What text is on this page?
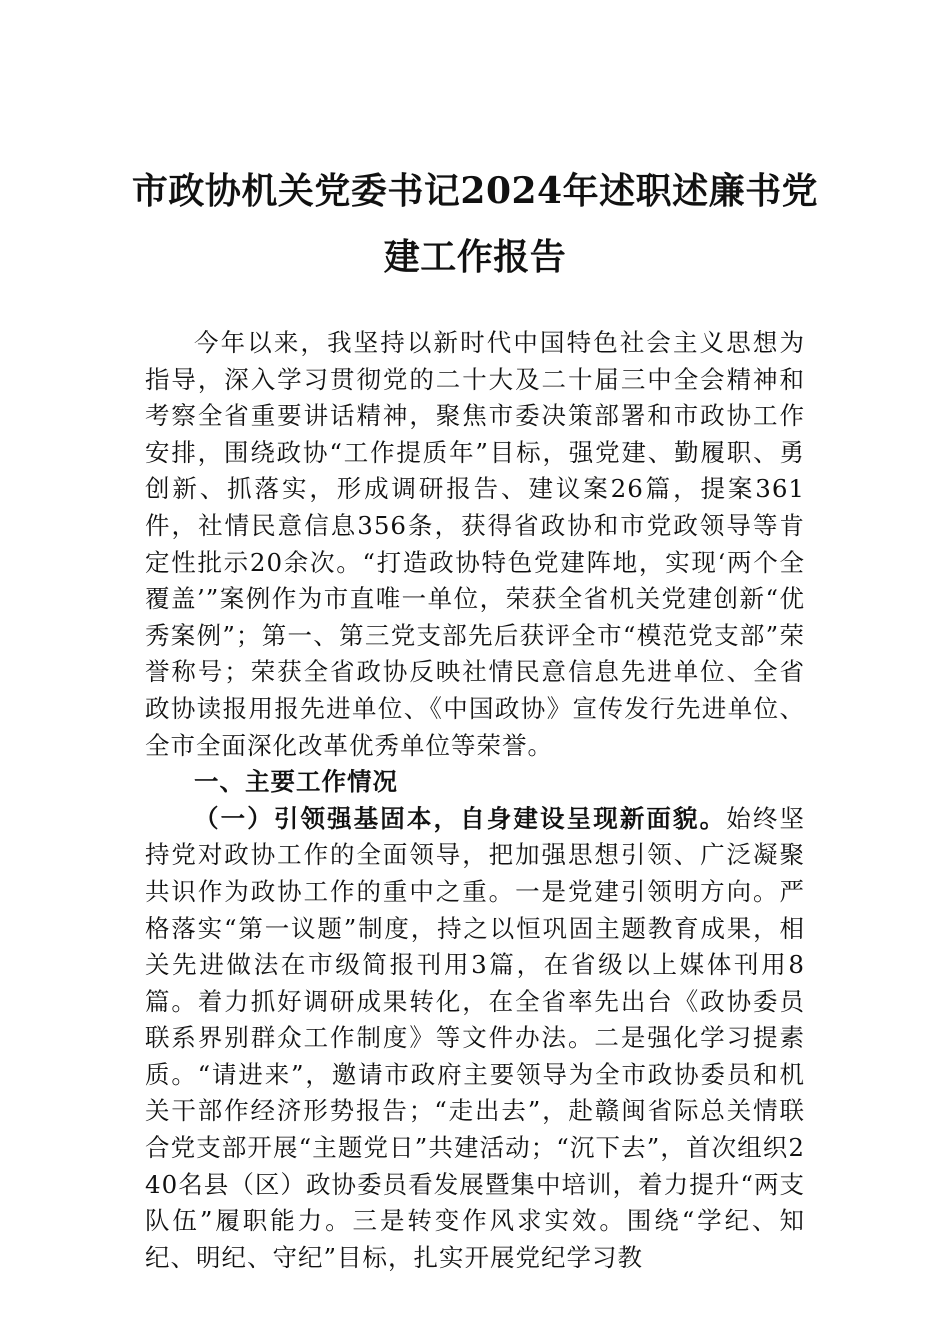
市政协机关党委书记2024年述职述廉书党建工作报告

今年以来，我坚持以新时代中国特色社会主义思想为指导，深入学习贯彻党的二十大及二十届三中全会精神和考察全省重要讲话精神，聚焦市委决策部署和市政协工作安排，围绕政协“工作提质年”目标，强党建、勤履职、勇创新、抓落实，形成调研报告、建议案26篇，提案361件，社情民意信息356条，获得省政协和市党政领导等肯定性批示20余次。“打造政协特色党建阵地，实现‘两个全覆盖’”案例作为市直唯一单位，荣获全省机关党建创新“优秀案例”；第一、第三党支部先后获评全市“模范党支部”荣誉称号；荣获全省政协反映社情民意信息先进单位、全省政协读报用报先进单位、《中国政协》宣传发行先进单位、全市全面深化改革优秀单位等荣誉。

一、主要工作情况

（一）引领强基固本，自身建设呈现新面貌。始终坚持党对政协工作的全面领导，把加强思想引领、广泛凝聚共识作为政协工作的重中之重。一是党建引领明方向。严格落实“第一议题”制度，持之以恒巩固主题教育成果，相关先进做法在市级简报刊用3篇，在省级以上媒体刊用8篇。着力抓好调研成果转化，在全省率先出台《政协委员联系界别群众工作制度》等文件办法。二是强化学习提素质。“请进来”，邀请市政府主要领导为全市政协委员和机关干部作经济形势报告；“走出去”，赴赣闽省际总关情联合党支部开展“主题党日”共建活动；“沉下去”，首次组织240名县（区）政协委员看发展暨集中培训，着力提升“两支队伍”履职能力。三是转变作风求实效。围绕“学纪、知纪、明纪、守纪”目标，扎实开展党纪学习教
